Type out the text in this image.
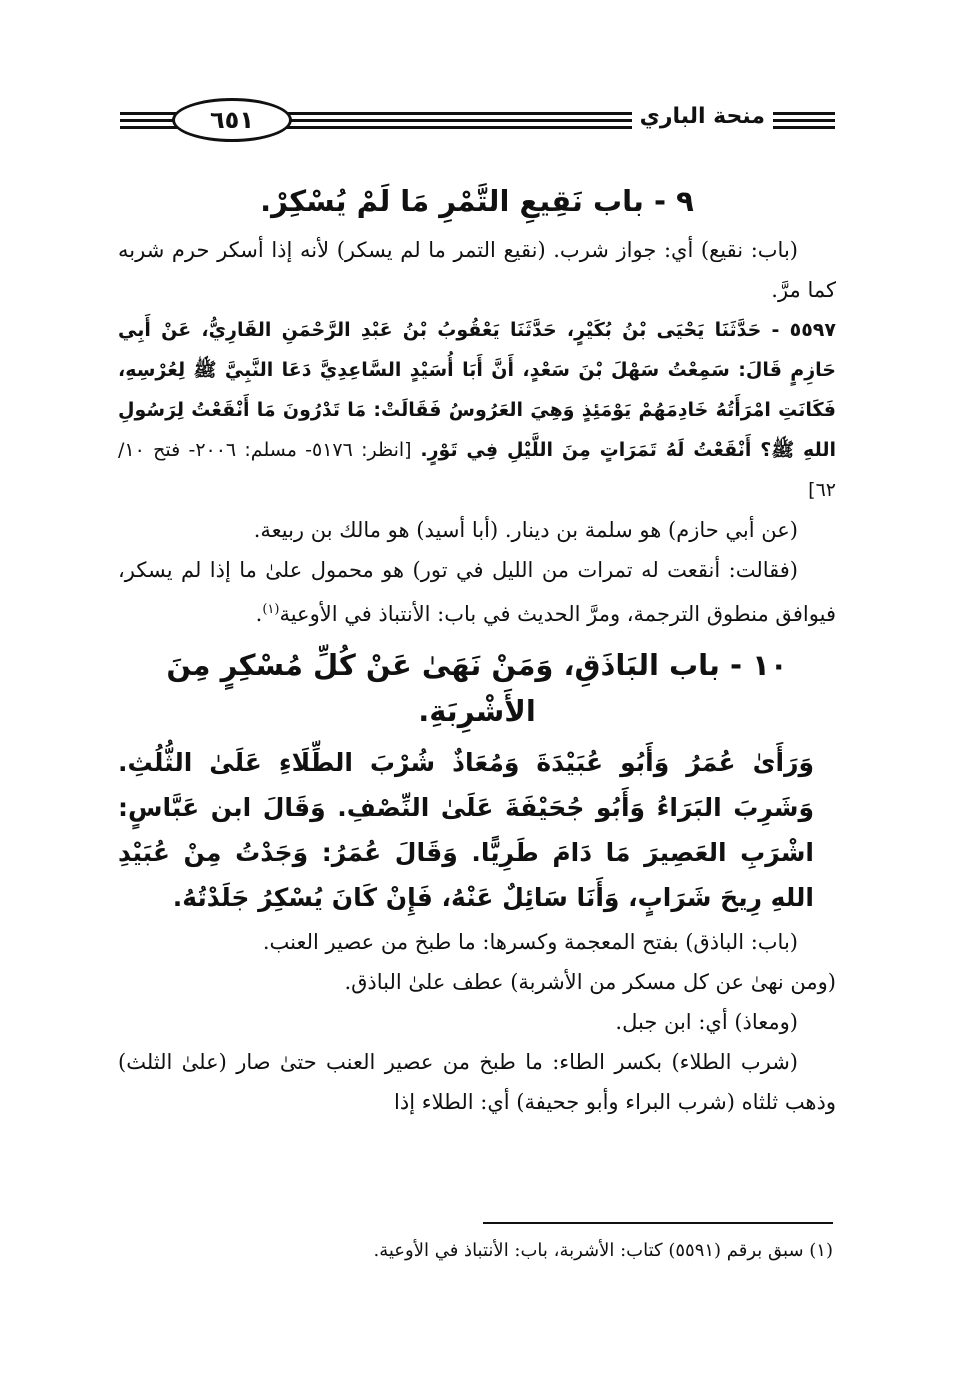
٦٥١	منحة الباري

٩ - باب نَقِيعِ التَّمْرِ مَا لَمْ يُسْكِرْ.

(باب: نقيع) أي: جواز شرب. (نقيع التمر ما لم يسكر) لأنه إذا أسكر حرم شربه كما مرَّ.

٥٥٩٧ - حَدَّثَنَا يَحْيَى بْنُ بُكَيْرٍ، حَدَّثَنَا يَعْقُوبُ بْنُ عَبْدِ الرَّحْمَنِ القَارِيُّ، عَنْ أَبِي حَازِمٍ قَالَ: سَمِعْتُ سَهْلَ بْنَ سَعْدٍ، أَنَّ أَبَا أُسَيْدٍ السَّاعِدِيَّ دَعَا النَّبِيَّ ﷺ لِعُرْسِهِ، فَكَانَتِ امْرَأَتُهُ خَادِمَهُمْ يَوْمَئِذٍ وَهِيَ العَرُوسُ فَقَالَتْ: مَا تَدْرُونَ مَا أَنْقَعْتُ لِرَسُولِ اللهِ ﷺ؟ أَنْقَعْتُ لَهُ تَمَرَاتٍ مِنَ اللَّيْلِ فِي تَوْرٍ. [انظر: ٥١٧٦- مسلم: ٢٠٠٦- فتح ١٠/ ٦٢]

(عن أبي حازم) هو سلمة بن دينار. (أبا أسيد) هو مالك بن ربيعة.

(فقالت: أنقعت له تمرات من الليل في تور) هو محمول علىٰ ما إذا لم يسكر، فيوافق منطوق الترجمة، ومرَّ الحديث في باب: الأنتباذ في الأوعية$^{(١)}$.

١٠ - باب البَاذَقِ، وَمَنْ نَهَىٰ عَنْ كُلِّ مُسْكِرٍ مِنَ الأَشْرِبَةِ.

وَرَأَىٰ عُمَرُ وَأَبُو عُبَيْدَةَ وَمُعَاذٌ شُرْبَ الطِّلَاءِ عَلَىٰ الثُّلُثِ. وَشَرِبَ البَرَاءُ وَأَبُو جُحَيْفَةَ عَلَىٰ النِّصْفِ. وَقَالَ ابن عَبَّاسٍ: اشْرَبِ العَصِيرَ مَا دَامَ طَرِيًّا. وَقَالَ عُمَرُ: وَجَدْتُ مِنْ عُبَيْدِ اللهِ رِيحَ شَرَابٍ، وَأَنَا سَائِلٌ عَنْهُ، فَإِنْ كَانَ يُسْكِرُ جَلَدْتُهُ.

(باب: الباذق) بفتح المعجمة وكسرها: ما طبخ من عصير العنب.

(ومن نهىٰ عن كل مسكر من الأشربة) عطف علىٰ الباذق.

(ومعاذ) أي: ابن جبل.

(شرب الطلاء) بكسر الطاء: ما طبخ من عصير العنب حتىٰ صار (علىٰ الثلث) وذهب ثلثاه (شرب البراء وأبو جحيفة) أي: الطلاء إذا

(١) سبق برقم (٥٥٩١) كتاب: الأشربة، باب: الأنتباذ في الأوعية.
